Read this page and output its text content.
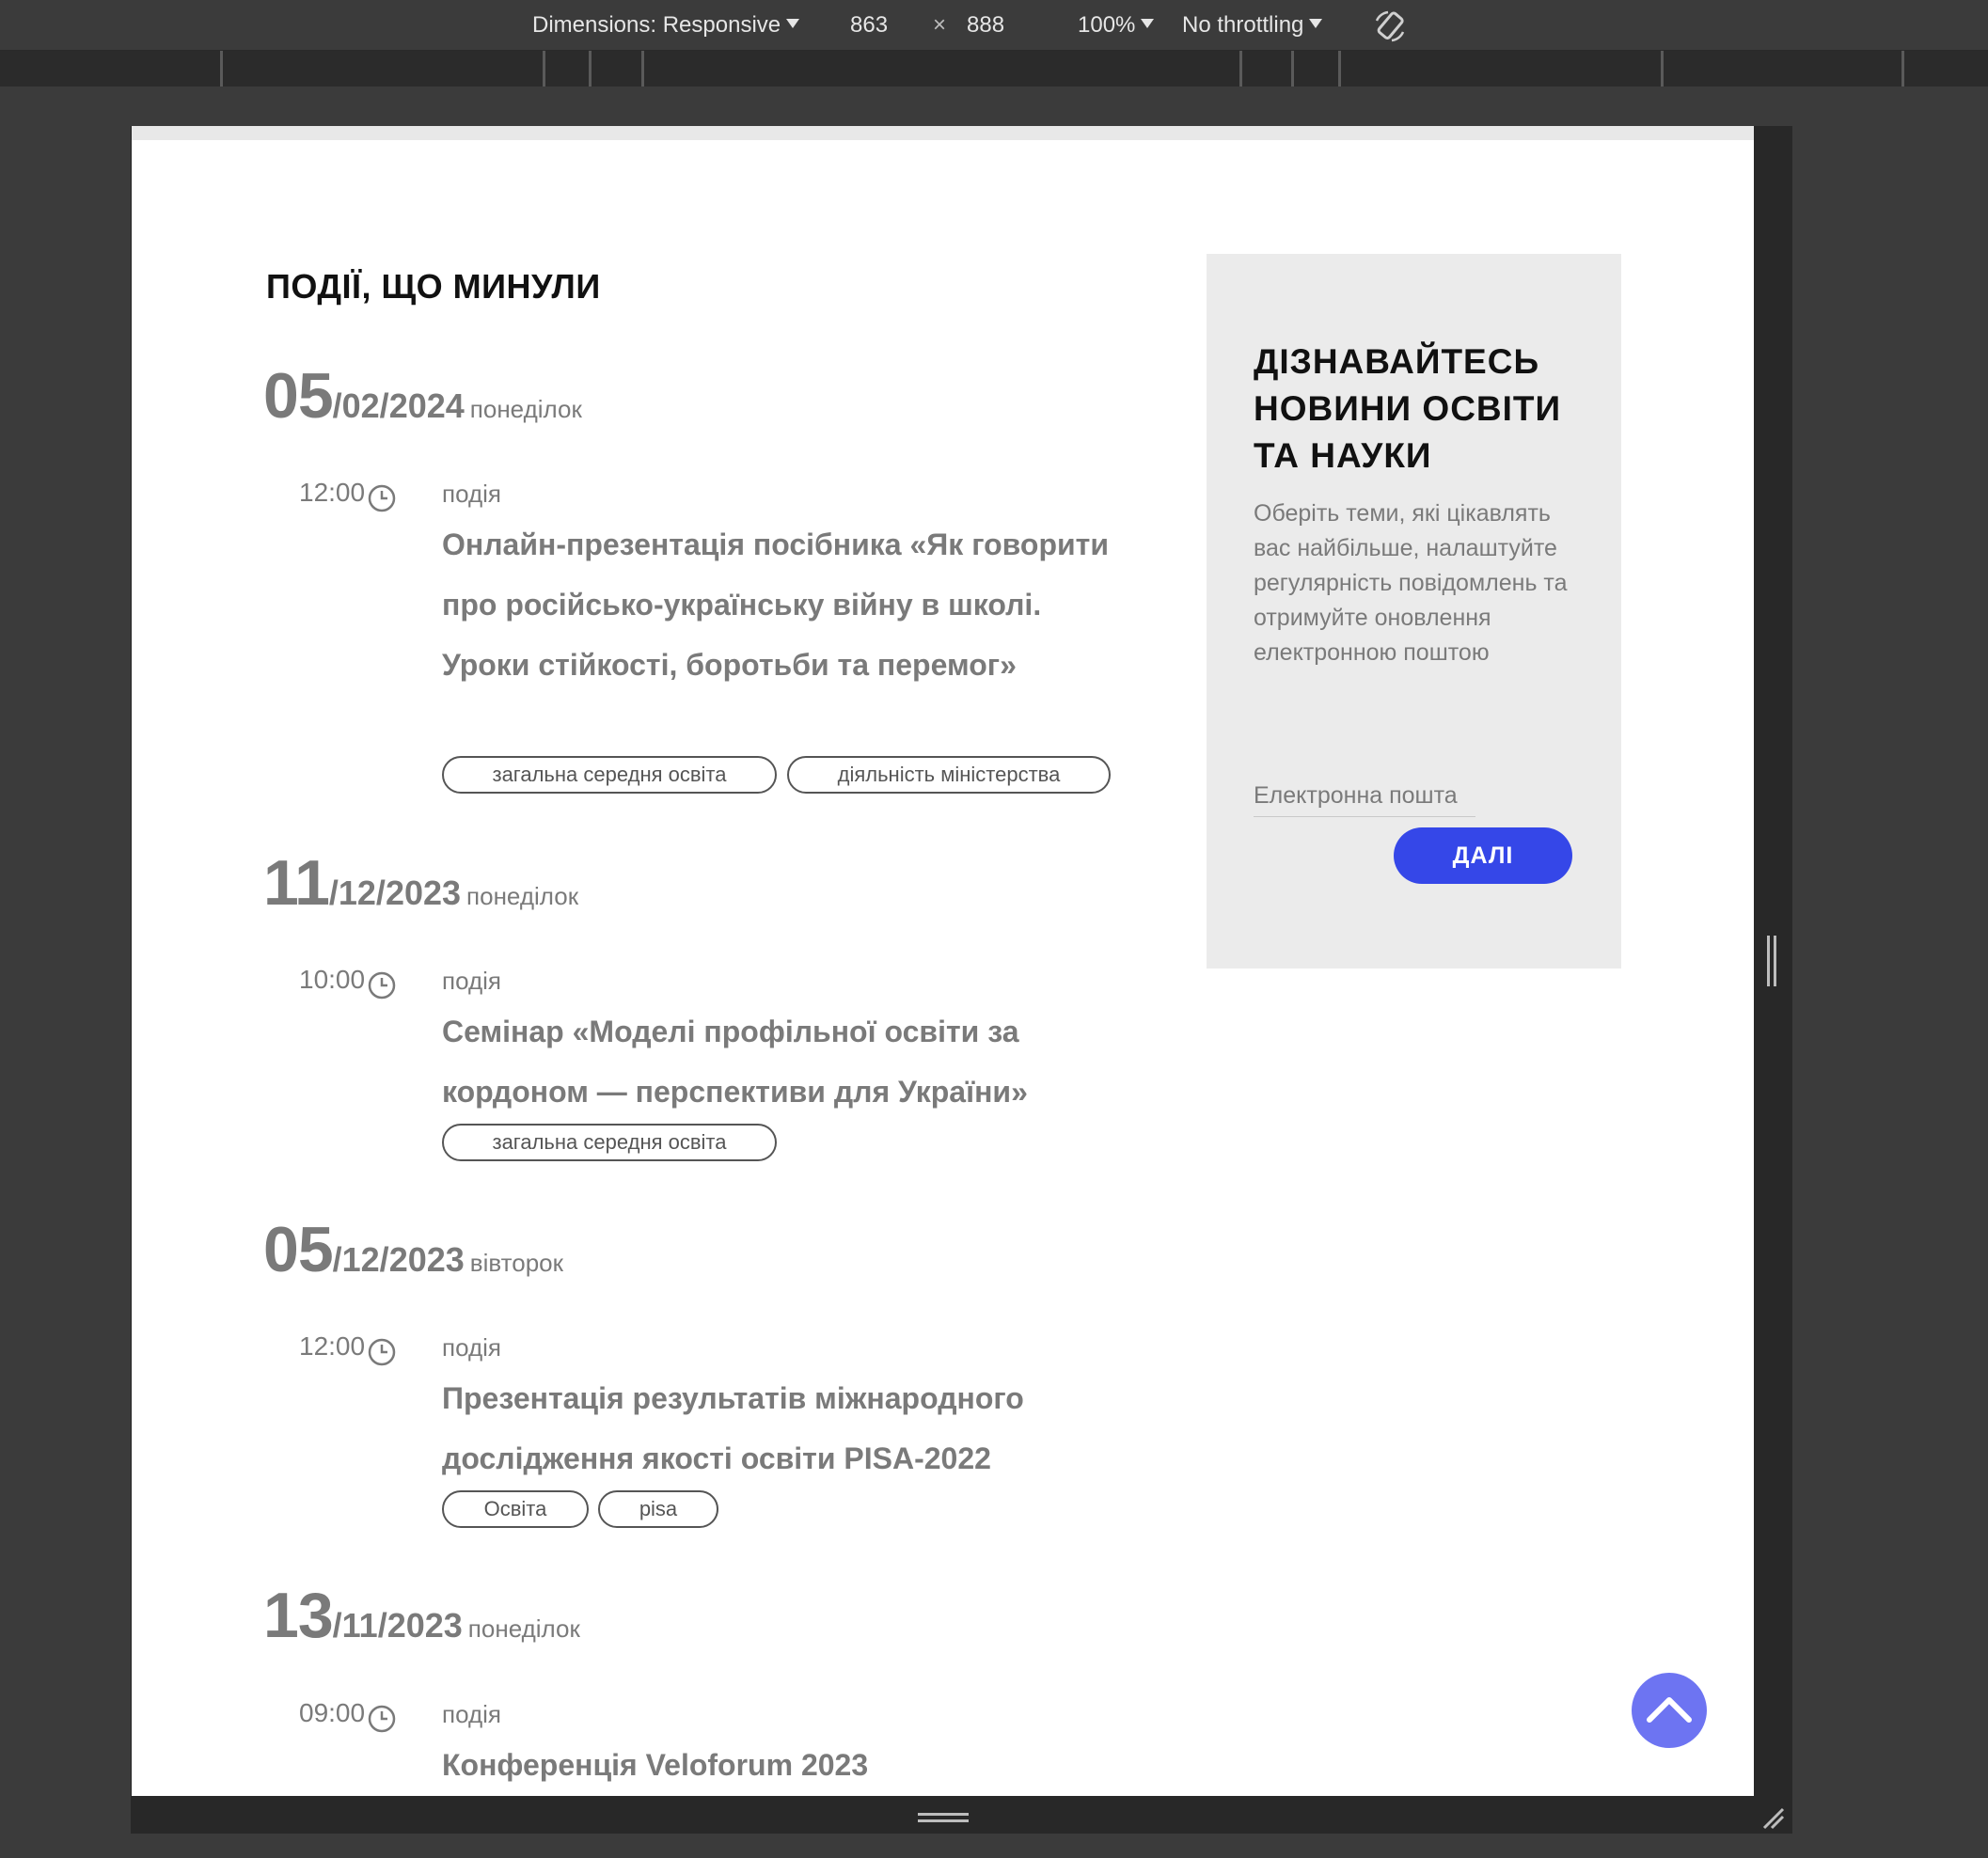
Dimensions: Responsive	863 × 888	100%	No throttling
ПОДІЇ, ЩО МИНУЛИ
05/02/2024 понеділок
12:00	подія
Онлайн-презентація посібника «Як говорити про російсько-українську війну в школі. Уроки стійкості, боротьби та перемог»
загальна середня освіта	діяльність міністерства
11/12/2023 понеділок
10:00	подія
Семінар «Моделі профільної освіти за кордоном — перспективи для України»
загальна середня освіта
05/12/2023 вівторок
12:00	подія
Презентація результатів міжнародного дослідження якості освіти PISA-2022
Освіта	pisa
13/11/2023 понеділок
09:00	подія
Конференція Veloforum 2023
ДІЗНАВАЙТЕСЬ НОВИНИ ОСВІТИ ТА НАУКИ
Оберіть теми, які цікавлять вас найбільше, налаштуйте регулярність повідомлень та отримуйте оновлення електронною поштою
Електронна пошта
ДАЛІ
